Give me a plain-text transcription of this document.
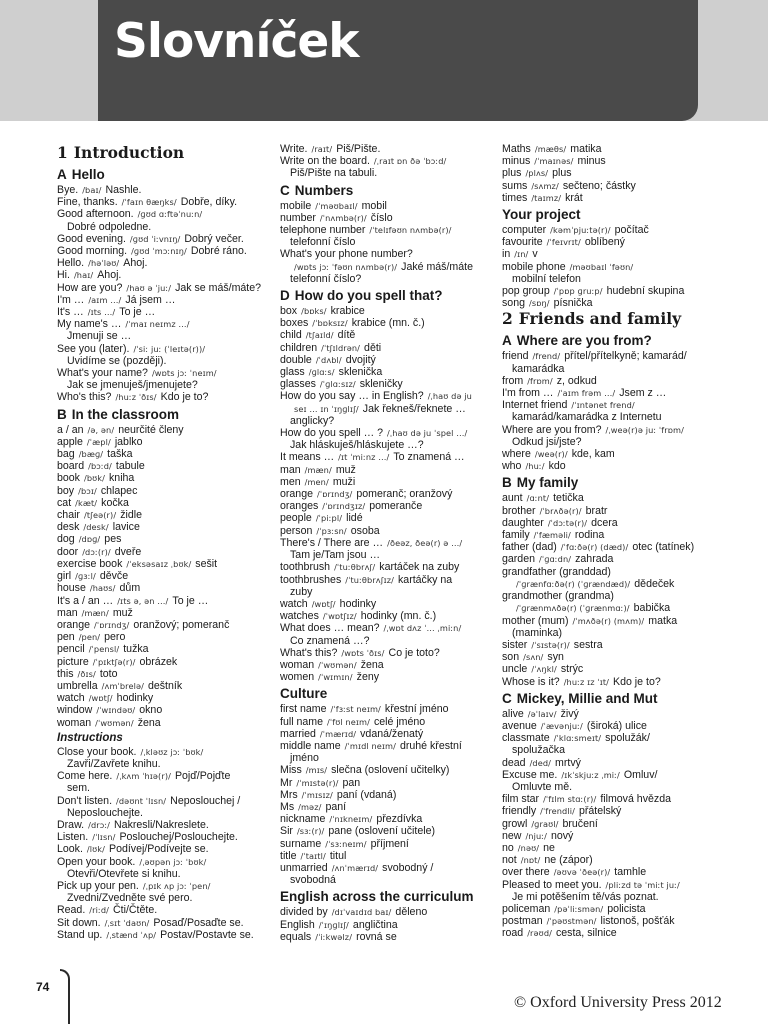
Slovníček
1 Introduction
A Hello
Bye. /baɪ/ Nashle.
Fine, thanks. /ˈfaɪn θæŋks/ Dobře, díky.
Good afternoon. /ɡʊd ɑːftəˈnuːn/
Dobré odpoledne.
Good evening. /ɡʊd ˈiːvnɪŋ/ Dobrý večer.
Good morning. /ɡʊd ˈmɔːnɪŋ/ Dobré ráno.
Hello. /həˈləʊ/ Ahoj.
Hi. /haɪ/ Ahoj.
How are you? /haʊ ə ˈjuː/ Jak se máš/máte?
I'm … /aɪm …/ Já jsem …
It's … /ɪts …/ To je …
My name's … /ˈmaɪ neɪmz …/
Jmenuji se …
See you (later). /ˈsiː juː (ˈleɪtə(r))/
Uvidíme se (později).
What's your name? /wɒts jɔː ˈneɪm/
Jak se jmenuješ/jmenujete?
Who's this? /huːz ˈðɪs/ Kdo je to?
B In the classroom
a / an /ə, ən/ neurčité členy
apple /ˈæpl/ jablko
bag /bæɡ/ taška
board /bɔːd/ tabule
book /bʊk/ kniha
boy /bɔɪ/ chlapec
cat /kæt/ kočka
chair /tʃeə(r)/ židle
desk /desk/ lavice
dog /dɒɡ/ pes
door /dɔː(r)/ dveře
exercise book /ˈeksəsaɪz ˌbʊk/ sešit
girl /ɡɜːl/ děvče
house /haʊs/ dům
It's a / an … /ɪts ə, ən …/ To je …
man /mæn/ muž
orange /ˈɒrɪndʒ/ oranžový; pomeranč
pen /pen/ pero
pencil /ˈpensl/ tužka
picture /ˈpɪktʃə(r)/ obrázek
this /ðɪs/ toto
umbrella /ʌmˈbrelə/ deštník
watch /wɒtʃ/ hodinky
window /ˈwɪndəʊ/ okno
woman /ˈwʊmən/ žena
Instructions
Close your book. /ˌkləʊz jɔː ˈbʊk/
Zavři/Zavřete knihu.
Come here. /ˌkʌm ˈhɪə(r)/ Pojď/Pojďte
sem.
Don't listen. /dəʊnt ˈlɪsn/ Neposlouchej /
Neposlouchejte.
Draw. /drɔː/ Nakresli/Nakreslete.
Listen. /ˈlɪsn/ Poslouchej/Poslouchejte.
Look. /lʊk/ Podívej/Podívejte se.
Open your book. /ˌəʊpən jɔː ˈbʊk/
Otevři/Otevřete si knihu.
Pick up your pen. /ˌpɪk ʌp jɔː ˈpen/
Zvedni/Zvedněte své pero.
Read. /riːd/ Čti/Čtěte.
Sit down. /ˌsɪt ˈdaʊn/ Posaď/Posaďte se.
Stand up. /ˌstænd ˈʌp/ Postav/Postavte se.
Write. /raɪt/ Piš/Pište.
Write on the board. /ˌraɪt ɒn ðə ˈbɔːd/
Piš/Pište na tabuli.
C Numbers
mobile /ˈməʊbaɪl/ mobil
number /ˈnʌmbə(r)/ číslo
telephone number /ˈtelɪfəʊn nʌmbə(r)/
telefonní číslo
What's your phone number?
/wɒts jɔː ˈfəʊn nʌmbə(r)/ Jaké máš/máte
telefonní číslo?
D How do you spell that?
box /bɒks/ krabice
boxes /ˈbɒksɪz/ krabice (mn. č.)
child /tʃaɪld/ dítě
children /ˈtʃɪldrən/ děti
double /ˈdʌbl/ dvojitý
glass /ɡlɑːs/ sklenička
glasses /ˈɡlɑːsɪz/ skleničky
How do you say … in English? /ˌhaʊ də ju
seɪ … ɪn ˈɪŋɡlɪʃ/ Jak řekneš/řeknete …
anglicky?
How do you spell … ? /ˌhaʊ də ju ˈspel …/
Jak hláskuješ/hláskujete …?
It means … /ɪt ˈmiːnz …/ To znamená …
man /mæn/ muž
men /men/ muži
orange /ˈɒrɪndʒ/ pomeranč; oranžový
oranges /ˈɒrɪndʒɪz/ pomeranče
people /ˈpiːpl/ lidé
person /ˈpɜːsn/ osoba
There's / There are … /ðeəz, ðeə(r) ə …/
Tam je/Tam jsou …
toothbrush /ˈtuːθbrʌʃ/ kartáček na zuby
toothbrushes /ˈtuːθbrʌʃɪz/ kartáčky na
zuby
watch /wɒtʃ/ hodinky
watches /ˈwɒtʃɪz/ hodinky (mn. č.)
What does … mean? /ˌwɒt dʌz ˈ… ˌmiːn/
Co znamená …?
What's this? /wɒts ˈðɪs/ Co je toto?
woman /ˈwʊmən/ žena
women /ˈwɪmɪn/ ženy
Culture
first name /ˈfɜːst neɪm/ křestní jméno
full name /ˈfʊl neɪm/ celé jméno
married /ˈmærɪd/ vdaná/ženatý
middle name /ˈmɪdl neɪm/ druhé křestní
jméno
Miss /mɪs/ slečna (oslovení učitelky)
Mr /ˈmɪstə(r)/ pan
Mrs /ˈmɪsɪz/ paní (vdaná)
Ms /məz/ paní
nickname /ˈnɪkneɪm/ přezdívka
Sir /sɜː(r)/ pane (oslovení učitele)
surname /ˈsɜːneɪm/ příjmení
title /ˈtaɪtl/ titul
unmarried /ʌnˈmærɪd/ svobodný /
svobodná
English across the curriculum
divided by /dɪˈvaɪdɪd baɪ/ děleno
English /ˈɪŋɡlɪʃ/ angličtina
equals /ˈiːkwəlz/ rovná se
Maths /mæθs/ matika
minus /ˈmaɪnəs/ minus
plus /plʌs/ plus
sums /sʌmz/ sečteno; částky
times /taɪmz/ krát
Your project
computer /kəmˈpjuːtə(r)/ počítač
favourite /ˈfeɪvrɪt/ oblíbený
in /ɪn/ v
mobile phone /məʊbaɪl ˈfəʊn/
mobilní telefon
pop group /ˈpɒp ɡruːp/ hudební skupina
song /sɒŋ/ písnička
2 Friends and family
A Where are you from?
friend /frend/ přítel/přítelkyně; kamarád/
kamarádka
from /frɒm/ z, odkud
I'm from … /ˈaɪm frəm …/ Jsem z …
Internet friend /ˈɪntənet frend/
kamarád/kamarádka z Internetu
Where are you from? /ˌweə(r)ə juː ˈfrɒm/
Odkud jsi/jste?
where /weə(r)/ kde, kam
who /huː/ kdo
B My family
aunt /ɑːnt/ tetička
brother /ˈbrʌðə(r)/ bratr
daughter /ˈdɔːtə(r)/ dcera
family /ˈfæməli/ rodina
father (dad) /ˈfɑːðə(r) (dæd)/ otec (tatínek)
garden /ˈɡɑːdn/ zahrada
grandfather (granddad)
/ˈɡrænfɑːðə(r) (ˈɡrændæd)/ dědeček
grandmother (grandma)
/ˈɡrænmʌðə(r) (ˈɡrænmɑː)/ babička
mother (mum) /ˈmʌðə(r) (mʌm)/ matka
(maminka)
sister /ˈsɪstə(r)/ sestra
son /sʌn/ syn
uncle /ˈʌŋkl/ strýc
Whose is it? /huːz ɪz ˈɪt/ Kdo je to?
C Mickey, Millie and Mut
alive /əˈlaɪv/ živý
avenue /ˈævənjuː/ (široká) ulice
classmate /ˈklɑːsmeɪt/ spolužák/
spolužačka
dead /ded/ mrtvý
Excuse me. /ɪkˈskjuːz ˌmiː/ Omluv/
Omluvte mě.
film star /ˈfɪlm stɑː(r)/ filmová hvězda
friendly /ˈfrendli/ přátelský
growl /ɡraʊl/ bručení
new /njuː/ nový
no /nəʊ/ ne
not /nɒt/ ne (zápor)
over there /əʊvə ˈðeə(r)/ tamhle
Pleased to meet you. /pliːzd tə ˈmiːt juː/
Je mi potěšením tě/vás poznat.
policeman /pəˈliːsmən/ policista
postman /ˈpəʊstmən/ listonoš, pošťák
road /rəʊd/ cesta, silnice
74
© Oxford University Press 2012
